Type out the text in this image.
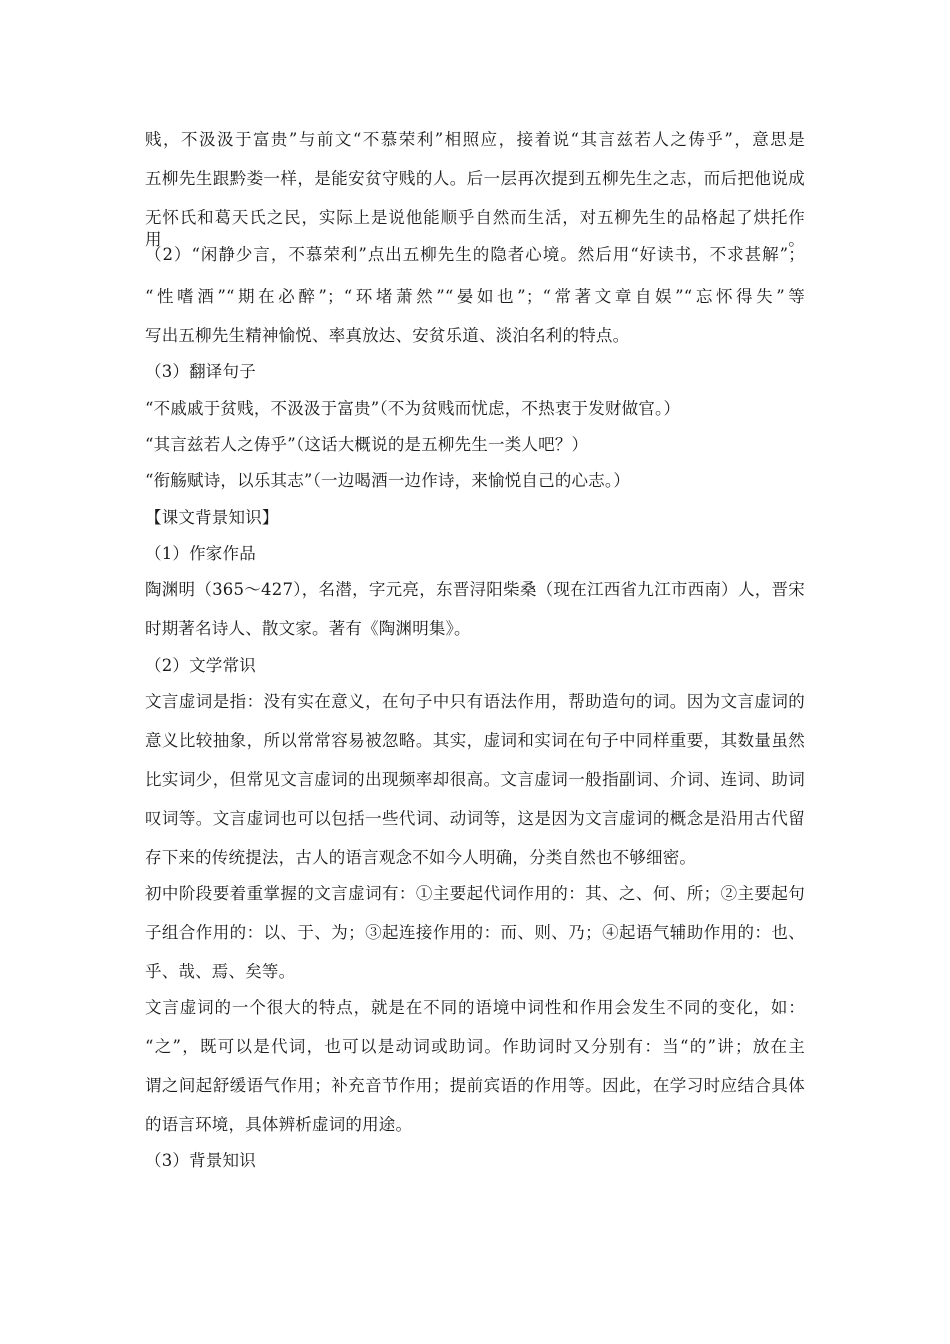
贱，不汲汲于富贵”与前文“不慕荣利”相照应，接着说“其言兹若人之俦乎”，意思是

五柳先生跟黔娄一样，是能安贫守贱的人。后一层再次提到五柳先生之志，而后把他说成

无怀氏和葛天氏之民，实际上是说他能顺乎自然而生活，对五柳先生的品格起了烘托作用。

（2）“闲静少言，不慕荣利”点出五柳先生的隐者心境。然后用“好读书，不求甚解”；

“性嗜酒”“期在必醉”；“环堵萧然”“晏如也”；“常著文章自娱”“忘怀得失”等

写出五柳先生精神愉悦、率真放达、安贫乐道、淡泊名利的特点。

（3）翻译句子

“不戚戚于贫贱，不汲汲于富贵”（不为贫贱而忧虑，不热衷于发财做官。）

“其言兹若人之俦乎”（这话大概说的是五柳先生一类人吧？）

“衔觞赋诗，以乐其志”（一边喝酒一边作诗，来愉悦自己的心志。）

【课文背景知识】

（1）作家作品

陶渊明（365～427），名潜，字元亮，东晋浔阳柴桑（现在江西省九江市西南）人，晋宋

时期著名诗人、散文家。著有《陶渊明集》。

（2）文学常识

文言虚词是指：没有实在意义，在句子中只有语法作用，帮助造句的词。因为文言虚词的

意义比较抽象，所以常常容易被忽略。其实，虚词和实词在句子中同样重要，其数量虽然

比实词少，但常见文言虚词的出现频率却很高。文言虚词一般指副词、介词、连词、助词

叹词等。文言虚词也可以包括一些代词、动词等，这是因为文言虚词的概念是沿用古代留

存下来的传统提法，古人的语言观念不如今人明确，分类自然也不够细密。

初中阶段要着重掌握的文言虚词有：①主要起代词作用的：其、之、何、所；②主要起句

子组合作用的：以、于、为；③起连接作用的：而、则、乃；④起语气辅助作用的：也、

乎、哉、焉、矣等。

文言虚词的一个很大的特点，就是在不同的语境中词性和作用会发生不同的变化，如：

“之”，既可以是代词，也可以是动词或助词。作助词时又分别有：当“的”讲；放在主

谓之间起舒缓语气作用；补充音节作用；提前宾语的作用等。因此，在学习时应结合具体

的语言环境，具体辨析虚词的用途。

（3）背景知识
